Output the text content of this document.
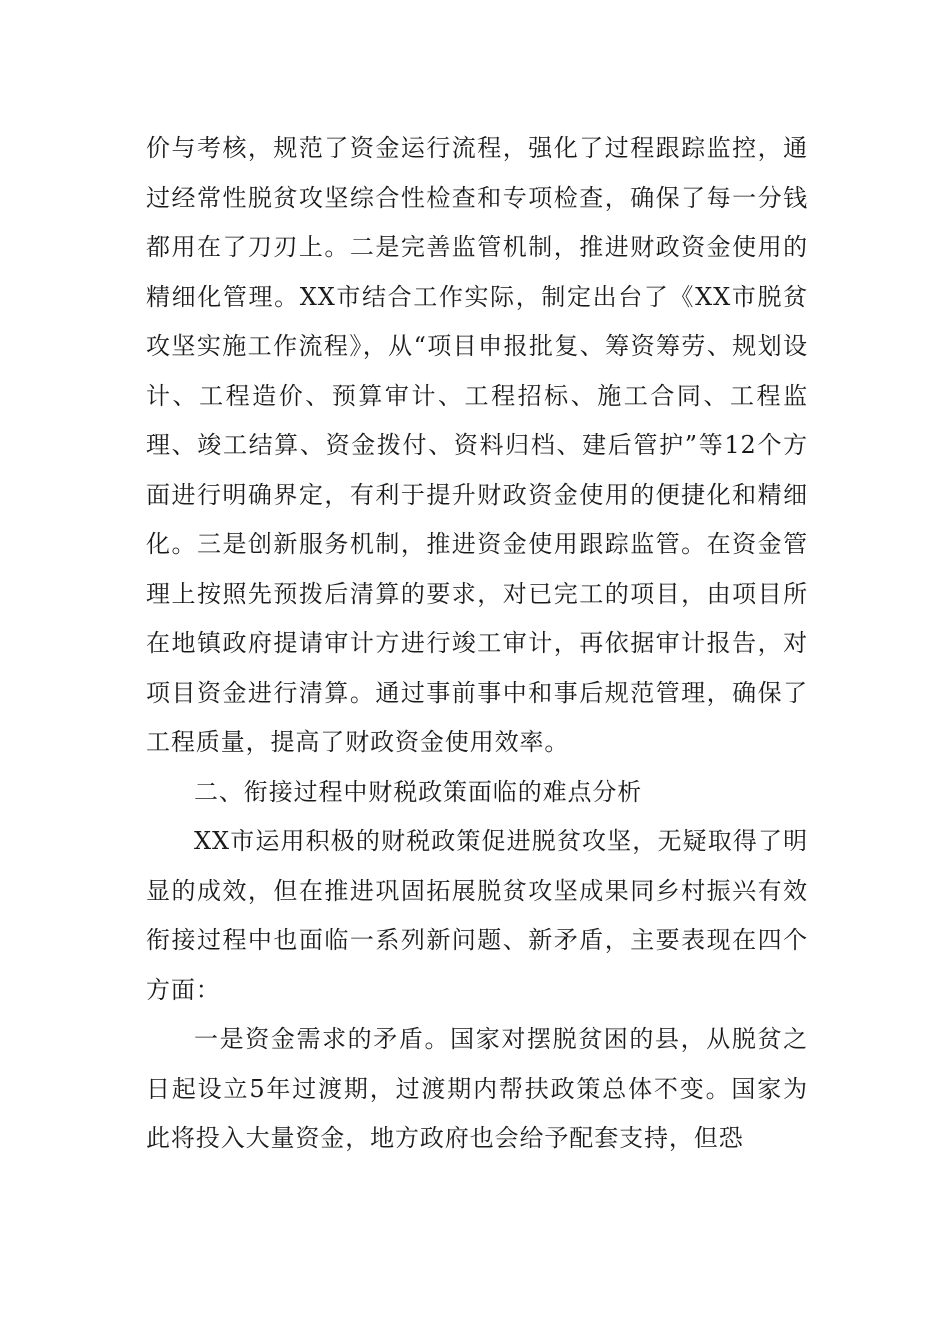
价与考核，规范了资金运行流程，强化了过程跟踪监控，通过经常性脱贫攻坚综合性检查和专项检查，确保了每一分钱都用在了刀刃上。二是完善监管机制，推进财政资金使用的精细化管理。XX市结合工作实际，制定出台了《XX市脱贫攻坚实施工作流程》，从“项目申报批复、筹资筹劳、规划设计、工程造价、预算审计、工程招标、施工合同、工程监理、竣工结算、资金拨付、资料归档、建后管护”等12个方面进行明确界定，有利于提升财政资金使用的便捷化和精细化。三是创新服务机制，推进资金使用跟踪监管。在资金管理上按照先预拨后清算的要求，对已完工的项目，由项目所在地镇政府提请审计方进行竣工审计，再依据审计报告，对项目资金进行清算。通过事前事中和事后规范管理，确保了工程质量，提高了财政资金使用效率。

二、衔接过程中财税政策面临的难点分析

XX市运用积极的财税政策促进脱贫攻坚，无疑取得了明显的成效，但在推进巩固拓展脱贫攻坚成果同乡村振兴有效衔接过程中也面临一系列新问题、新矛盾，主要表现在四个方面：

一是资金需求的矛盾。国家对摆脱贫困的县，从脱贫之日起设立5年过渡期，过渡期内帮扶政策总体不变。国家为此将投入大量资金，地方政府也会给予配套支持，但恐
